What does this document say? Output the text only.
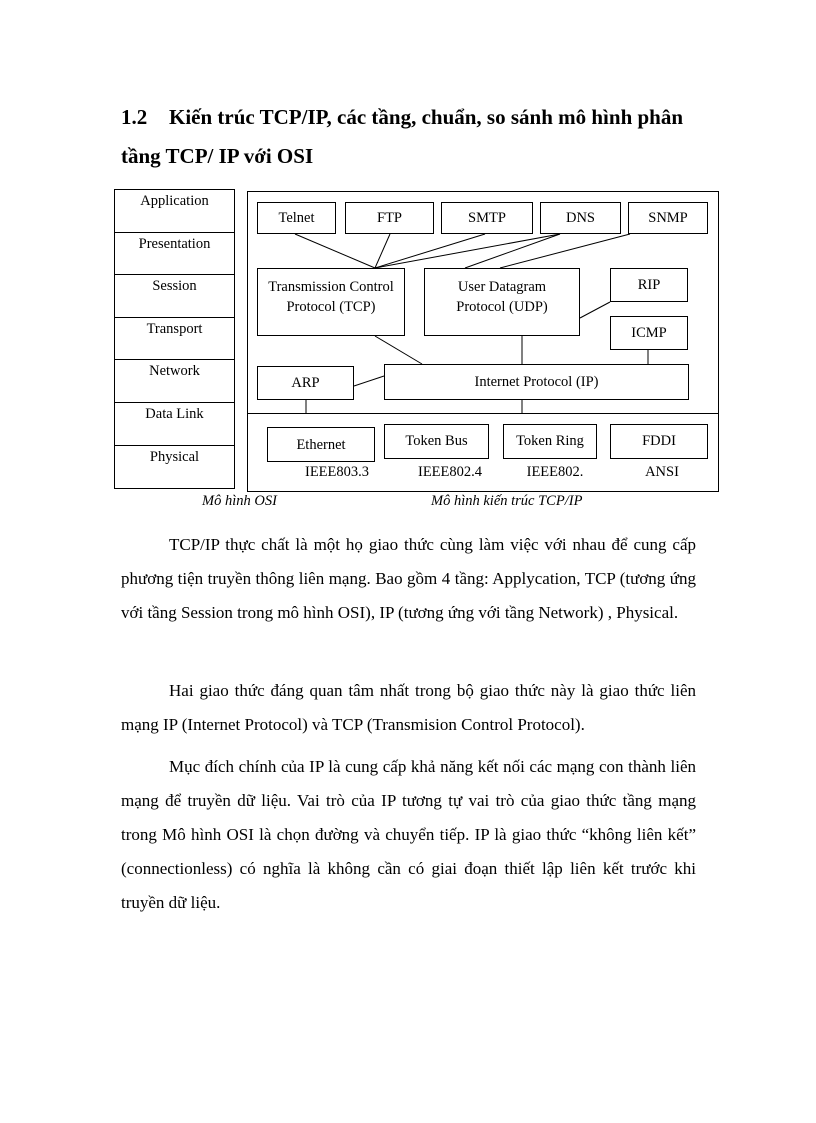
1.2 Kiến trúc TCP/IP, các tầng, chuẩn, so sánh mô hình phân tầng TCP/ IP với OSI
Application
Presentation
Session
Transport
Network
Data Link
Physical
Telnet	FTP	SMTP	DNS	SNMP
Transmission Control Protocol (TCP)
User Datagram Protocol (UDP)
RIP
ICMP
ARP	Internet Protocol (IP)
Ethernet	Token Bus	Token Ring	FDDI
IEEE803.3	IEEE802.4	IEEE802.	ANSI
Mô hình OSI	Mô hình kiến trúc TCP/IP

TCP/IP thực chất là một họ giao thức cùng làm việc với nhau để cung cấp phương tiện truyền thông liên mạng. Bao gồm 4 tầng: Applycation, TCP (tương ứng với tầng Session trong mô hình OSI), IP (tương ứng với tầng Network) , Physical.

Hai giao thức đáng quan tâm nhất trong bộ giao thức này là giao thức liên mạng IP (Internet Protocol) và TCP (Transmision Control Protocol).

Mục đích chính của IP là cung cấp khả năng kết nối các mạng con thành liên mạng để truyền dữ liệu. Vai trò của IP tương tự vai trò của giao thức tầng mạng trong Mô hình OSI là chọn đường và chuyển tiếp. IP là giao thức “không liên kết” (connectionless) có nghĩa là không cần có giai đoạn thiết lập liên kết trước khi truyền dữ liệu.
